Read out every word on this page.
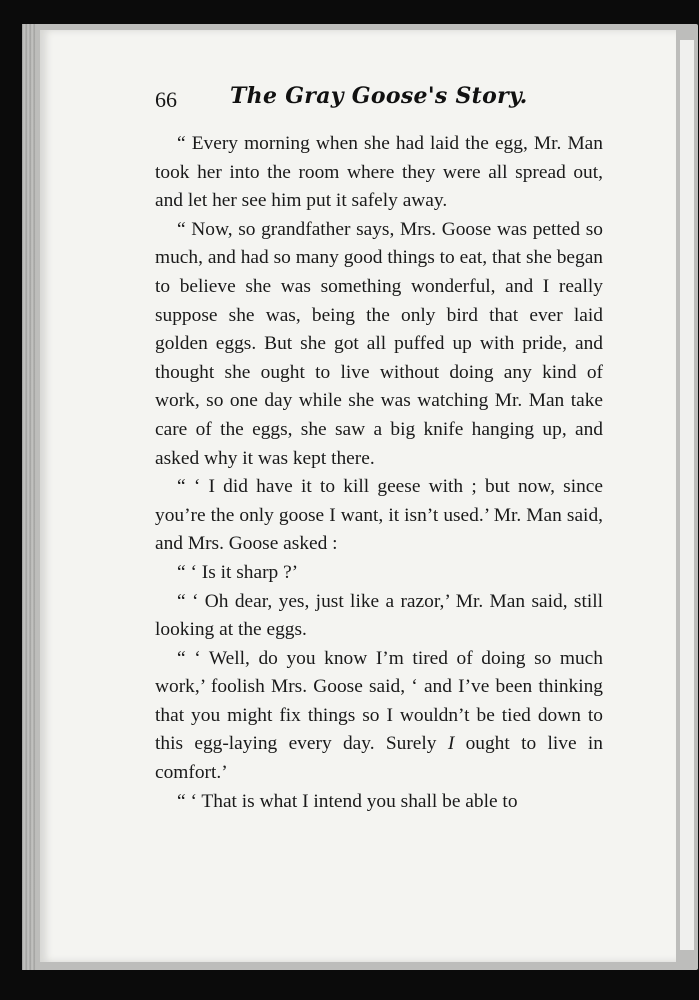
66 The Gray Goose's Story.

“ Every morning when she had laid the egg, Mr. Man took her into the room where they were all spread out, and let her see him put it safely away.

“ Now, so grandfather says, Mrs. Goose was petted so much, and had so many good things to eat, that she began to believe she was something wonderful, and I really suppose she was, being the only bird that ever laid golden eggs. But she got all puffed up with pride, and thought she ought to live without doing any kind of work, so one day while she was watching Mr. Man take care of the eggs, she saw a big knife hanging up, and asked why it was kept there.

“ ‘ I did have it to kill geese with ; but now, since you’re the only goose I want, it isn’t used.’ Mr. Man said, and Mrs. Goose asked :

“ ‘ Is it sharp ?’

“ ‘ Oh dear, yes, just like a razor,’ Mr. Man said, still looking at the eggs.

“ ‘ Well, do you know I’m tired of doing so much work,’ foolish Mrs. Goose said, ‘ and I’ve been thinking that you might fix things so I wouldn’t be tied down to this egg-laying every day. Surely I ought to live in comfort.’

“ ‘ That is what I intend you shall be able to
